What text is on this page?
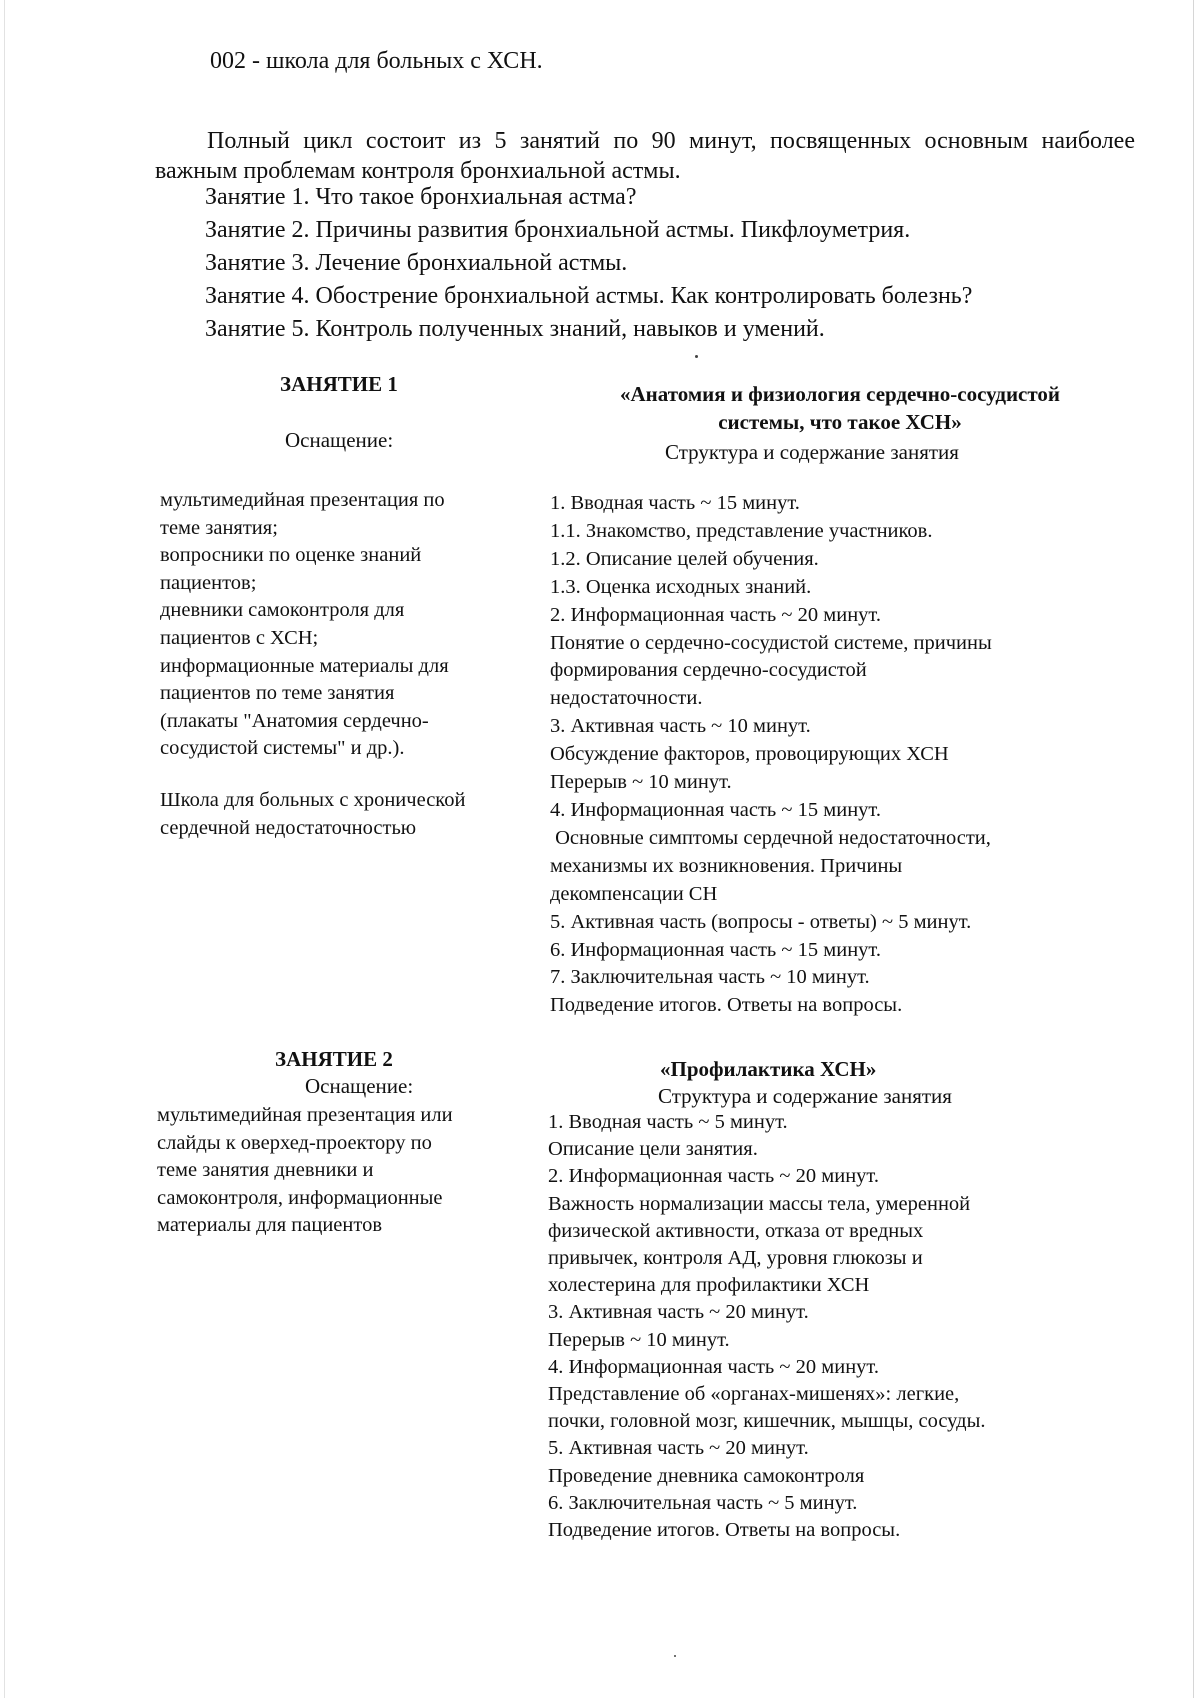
002 - школа для больных с ХСН.
Полный цикл состоит из 5 занятий по 90 минут, посвященных основным наиболее важным проблемам контроля бронхиальной астмы.
Занятие 1. Что такое бронхиальная астма?
Занятие 2. Причины развития бронхиальной астмы. Пикфлоуметрия.
Занятие 3. Лечение бронхиальной астмы.
Занятие 4. Обострение бронхиальной астмы. Как контролировать болезнь?
Занятие 5. Контроль полученных знаний, навыков и умений.
ЗАНЯТИЕ 1
Оснащение:
«Анатомия и физиология сердечно-сосудистой
системы, что такое ХСН»
Структура и содержание занятия
мультимедийная презентация по
теме занятия;
вопросники по оценке знаний
пациентов;
дневники самоконтроля для
пациентов с ХСН;
информационные материалы для
пациентов по теме занятия
(плакаты "Анатомия сердечно-
сосудистой системы" и др.).
Школа для больных с хронической
сердечной недостаточностью
1. Вводная часть ~ 15 минут.
1.1. Знакомство, представление участников.
1.2. Описание целей обучения.
1.3. Оценка исходных знаний.
2. Информационная часть ~ 20 минут.
Понятие о сердечно-сосудистой системе, причины
формирования сердечно-сосудистой
недостаточности.
3. Активная часть ~ 10 минут.
Обсуждение факторов, провоцирующих ХСН
Перерыв ~ 10 минут.
4. Информационная часть ~ 15 минут.
Основные симптомы сердечной недостаточности,
механизмы их возникновения. Причины
декомпенсации СН
5. Активная часть (вопросы - ответы) ~ 5 минут.
6. Информационная часть ~ 15 минут.
7. Заключительная часть ~ 10 минут.
Подведение итогов. Ответы на вопросы.
ЗАНЯТИЕ 2
Оснащение:
«Профилактика ХСН»
Структура и содержание занятия
мультимедийная презентация или
слайды к оверхед-проектору по
теме занятия дневники и
самоконтроля, информационные
материалы для пациентов
1. Вводная часть ~ 5 минут.
Описание цели занятия.
2. Информационная часть ~ 20 минут.
Важность нормализации массы тела, умеренной
физической активности, отказа от вредных
привычек, контроля АД, уровня глюкозы и
холестерина для профилактики ХСН
3. Активная часть ~ 20 минут.
Перерыв ~ 10 минут.
4. Информационная часть ~ 20 минут.
Представление об «органах-мишенях»: легкие,
почки, головной мозг, кишечник, мышцы, сосуды.
5. Активная часть ~ 20 минут.
Проведение дневника самоконтроля
6. Заключительная часть ~ 5 минут.
Подведение итогов. Ответы на вопросы.
